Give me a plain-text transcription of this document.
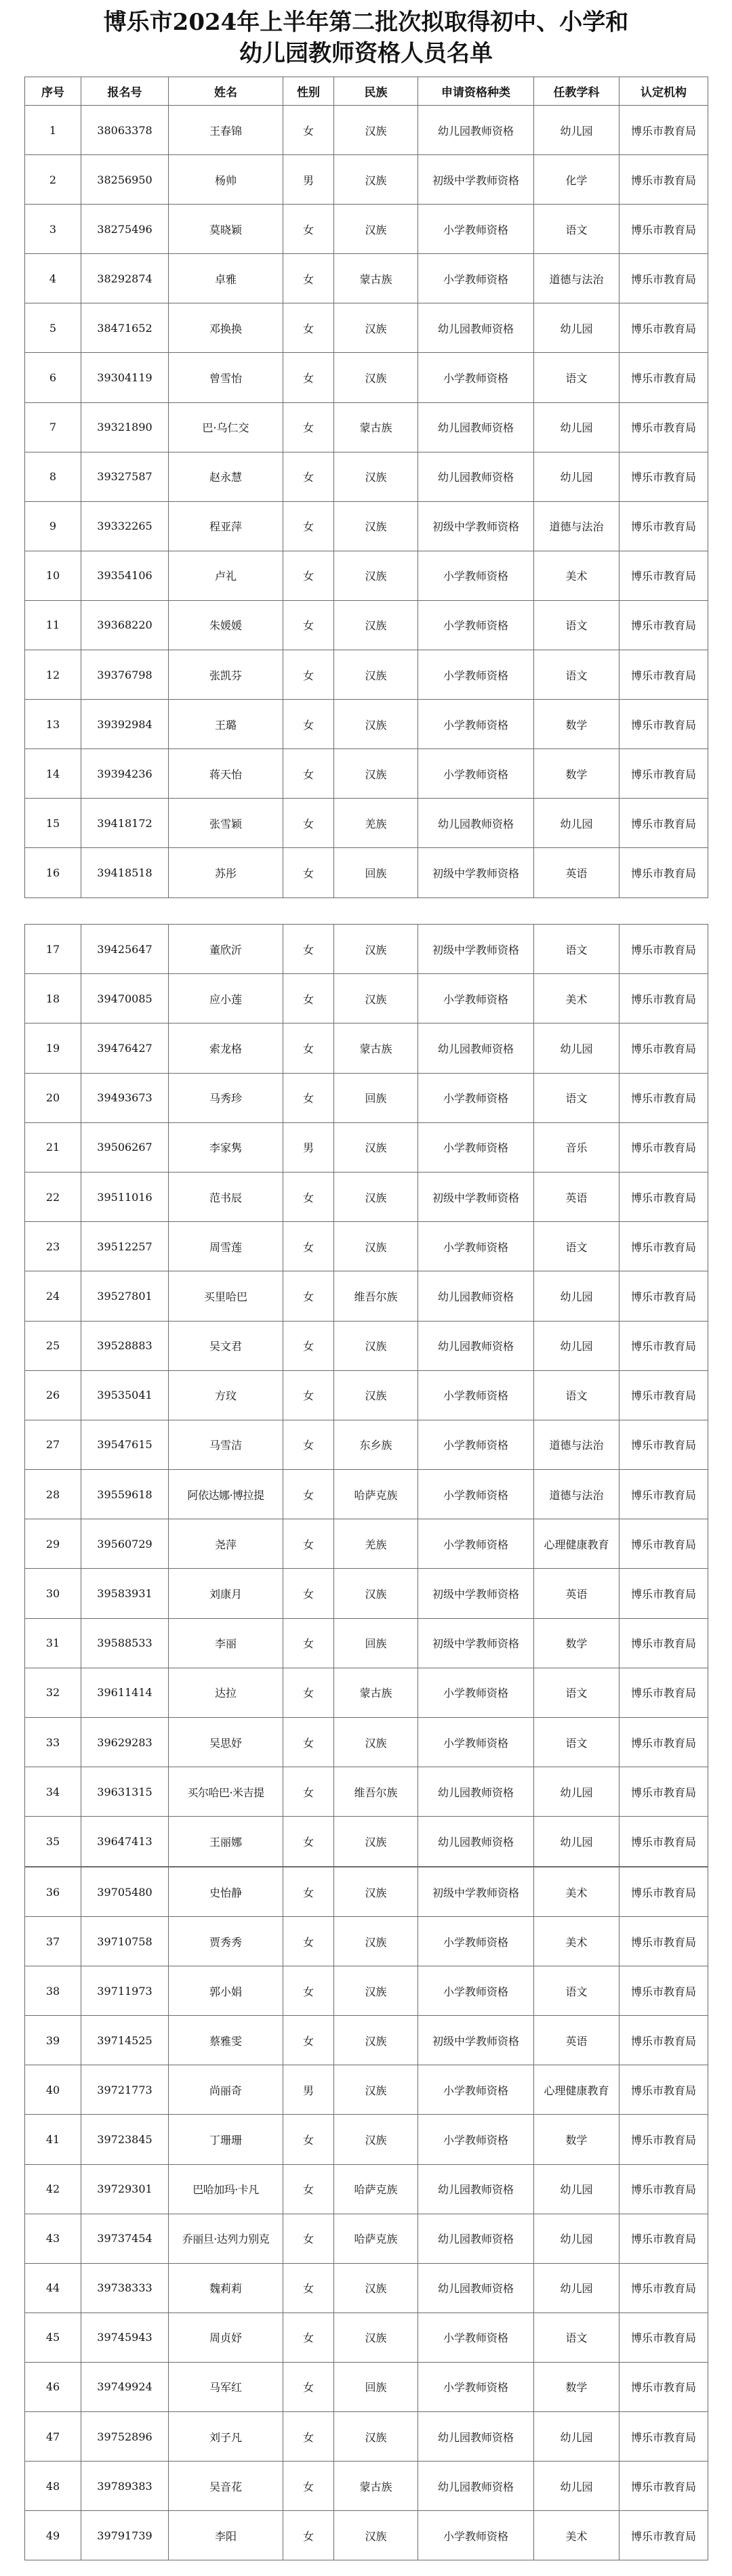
博乐市2024年上半年第二批次拟取得初中、小学和
幼儿园教师资格人员名单
序号	报名号	姓名	性别	民族	申请资格种类	任教学科	认定机构
1	38063378	王春锦	女	汉族	幼儿园教师资格	幼儿园	博乐市教育局
2	38256950	杨帅	男	汉族	初级中学教师资格	化学	博乐市教育局
3	38275496	莫晓颖	女	汉族	小学教师资格	语文	博乐市教育局
4	38292874	卓雅	女	蒙古族	小学教师资格	道德与法治	博乐市教育局
5	38471652	邓换换	女	汉族	幼儿园教师资格	幼儿园	博乐市教育局
6	39304119	曾雪怡	女	汉族	小学教师资格	语文	博乐市教育局
7	39321890	巴·乌仁交	女	蒙古族	幼儿园教师资格	幼儿园	博乐市教育局
8	39327587	赵永慧	女	汉族	幼儿园教师资格	幼儿园	博乐市教育局
9	39332265	程亚萍	女	汉族	初级中学教师资格	道德与法治	博乐市教育局
10	39354106	卢礼	女	汉族	小学教师资格	美术	博乐市教育局
11	39368220	朱媛媛	女	汉族	小学教师资格	语文	博乐市教育局
12	39376798	张凯芬	女	汉族	小学教师资格	语文	博乐市教育局
13	39392984	王璐	女	汉族	小学教师资格	数学	博乐市教育局
14	39394236	蒋天怡	女	汉族	小学教师资格	数学	博乐市教育局
15	39418172	张雪颖	女	羌族	幼儿园教师资格	幼儿园	博乐市教育局
16	39418518	苏彤	女	回族	初级中学教师资格	英语	博乐市教育局
17	39425647	董欣沂	女	汉族	初级中学教师资格	语文	博乐市教育局
18	39470085	应小莲	女	汉族	小学教师资格	美术	博乐市教育局
19	39476427	索龙格	女	蒙古族	幼儿园教师资格	幼儿园	博乐市教育局
20	39493673	马秀珍	女	回族	小学教师资格	语文	博乐市教育局
21	39506267	李家隽	男	汉族	小学教师资格	音乐	博乐市教育局
22	39511016	范书辰	女	汉族	初级中学教师资格	英语	博乐市教育局
23	39512257	周雪莲	女	汉族	小学教师资格	语文	博乐市教育局
24	39527801	买里哈巴	女	维吾尔族	幼儿园教师资格	幼儿园	博乐市教育局
25	39528883	吴文君	女	汉族	幼儿园教师资格	幼儿园	博乐市教育局
26	39535041	方玟	女	汉族	小学教师资格	语文	博乐市教育局
27	39547615	马雪洁	女	东乡族	小学教师资格	道德与法治	博乐市教育局
28	39559618	阿依达娜·博拉提	女	哈萨克族	小学教师资格	道德与法治	博乐市教育局
29	39560729	尧萍	女	羌族	小学教师资格	心理健康教育	博乐市教育局
30	39583931	刘康月	女	汉族	初级中学教师资格	英语	博乐市教育局
31	39588533	李丽	女	回族	初级中学教师资格	数学	博乐市教育局
32	39611414	达拉	女	蒙古族	小学教师资格	语文	博乐市教育局
33	39629283	吴思妤	女	汉族	小学教师资格	语文	博乐市教育局
34	39631315	买尔哈巴·米吉提	女	维吾尔族	幼儿园教师资格	幼儿园	博乐市教育局
35	39647413	王丽娜	女	汉族	幼儿园教师资格	幼儿园	博乐市教育局
36	39705480	史怡静	女	汉族	初级中学教师资格	美术	博乐市教育局
37	39710758	贾秀秀	女	汉族	小学教师资格	美术	博乐市教育局
38	39711973	郭小娟	女	汉族	小学教师资格	语文	博乐市教育局
39	39714525	蔡雅雯	女	汉族	初级中学教师资格	英语	博乐市教育局
40	39721773	尚丽奇	男	汉族	小学教师资格	心理健康教育	博乐市教育局
41	39723845	丁珊珊	女	汉族	小学教师资格	数学	博乐市教育局
42	39729301	巴哈加玛·卡凡	女	哈萨克族	幼儿园教师资格	幼儿园	博乐市教育局
43	39737454	乔丽旦·达列力别克	女	哈萨克族	幼儿园教师资格	幼儿园	博乐市教育局
44	39738333	魏莉莉	女	汉族	幼儿园教师资格	幼儿园	博乐市教育局
45	39745943	周贞妤	女	汉族	小学教师资格	语文	博乐市教育局
46	39749924	马军红	女	回族	小学教师资格	数学	博乐市教育局
47	39752896	刘子凡	女	汉族	幼儿园教师资格	幼儿园	博乐市教育局
48	39789383	吴音花	女	蒙古族	幼儿园教师资格	幼儿园	博乐市教育局
49	39791739	李阳	女	汉族	小学教师资格	美术	博乐市教育局
